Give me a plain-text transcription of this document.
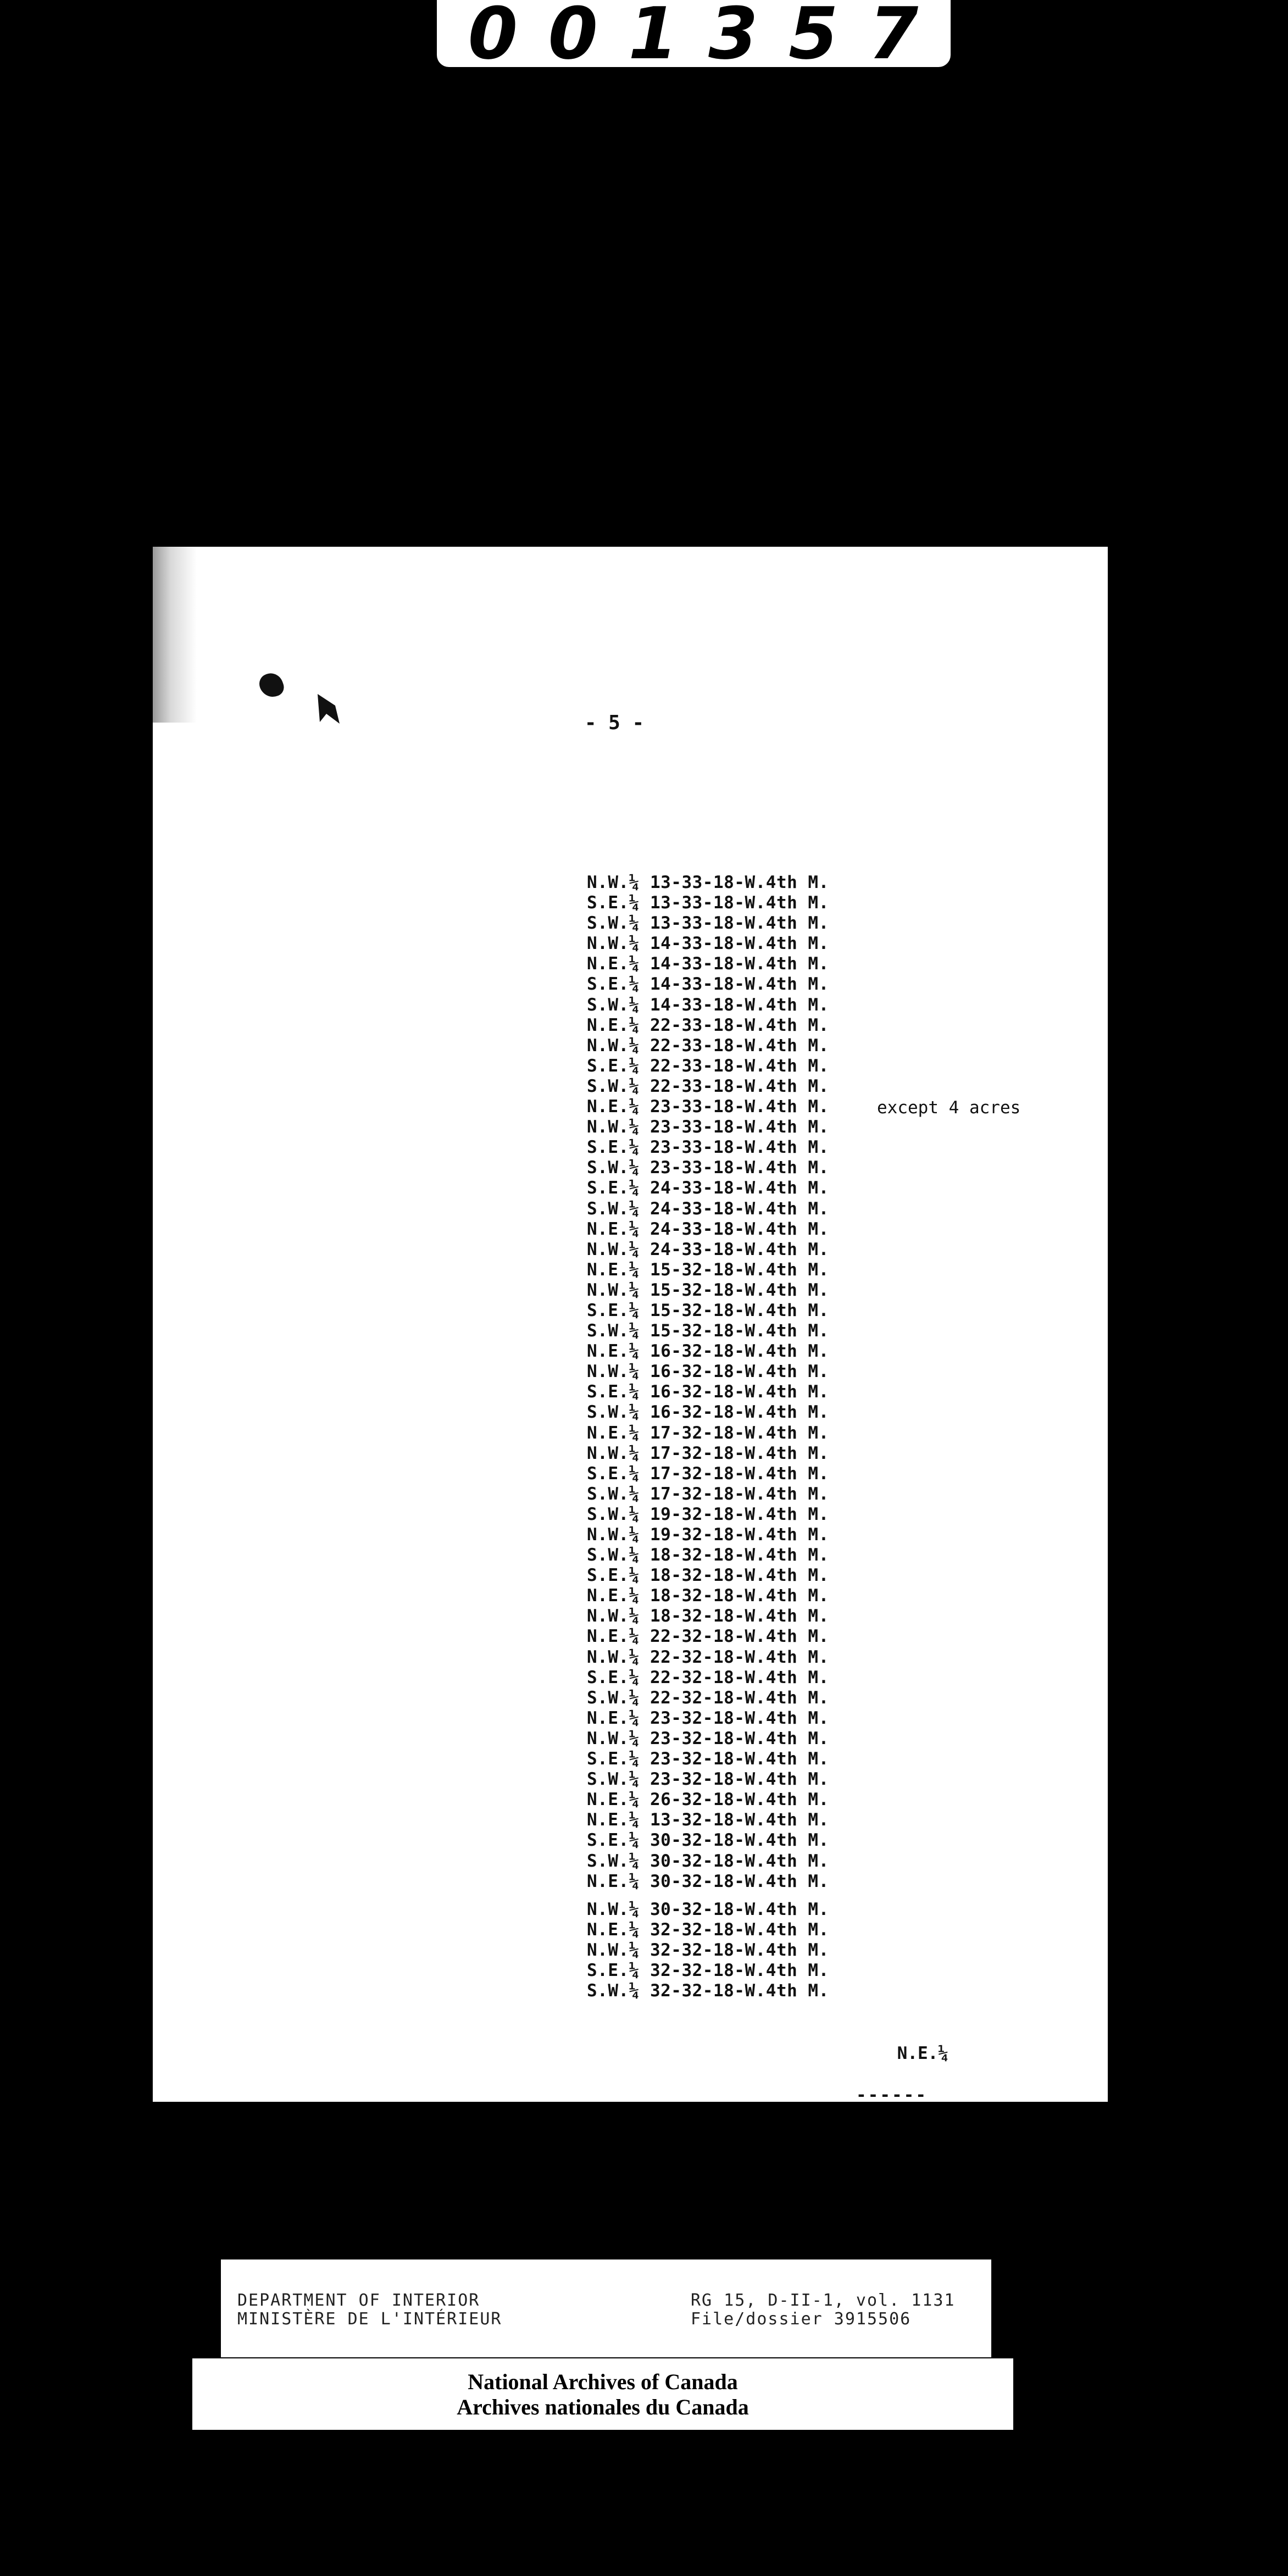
0 0 1 3 5 7
- 5 -
N.W.¼ 13-33-18-W.4th M.
S.E.¼ 13-33-18-W.4th M.
S.W.¼ 13-33-18-W.4th M.
N.W.¼ 14-33-18-W.4th M.
N.E.¼ 14-33-18-W.4th M.
S.E.¼ 14-33-18-W.4th M.
S.W.¼ 14-33-18-W.4th M.
N.E.¼ 22-33-18-W.4th M.
N.W.¼ 22-33-18-W.4th M.
S.E.¼ 22-33-18-W.4th M.
S.W.¼ 22-33-18-W.4th M.
N.E.¼ 23-33-18-W.4th M.
N.W.¼ 23-33-18-W.4th M.
S.E.¼ 23-33-18-W.4th M.
S.W.¼ 23-33-18-W.4th M.
S.E.¼ 24-33-18-W.4th M.
S.W.¼ 24-33-18-W.4th M.
N.E.¼ 24-33-18-W.4th M.
N.W.¼ 24-33-18-W.4th M.
N.E.¼ 15-32-18-W.4th M.
N.W.¼ 15-32-18-W.4th M.
S.E.¼ 15-32-18-W.4th M.
S.W.¼ 15-32-18-W.4th M.
N.E.¼ 16-32-18-W.4th M.
N.W.¼ 16-32-18-W.4th M.
S.E.¼ 16-32-18-W.4th M.
S.W.¼ 16-32-18-W.4th M.
N.E.¼ 17-32-18-W.4th M.
N.W.¼ 17-32-18-W.4th M.
S.E.¼ 17-32-18-W.4th M.
S.W.¼ 17-32-18-W.4th M.
S.W.¼ 19-32-18-W.4th M.
N.W.¼ 19-32-18-W.4th M.
S.W.¼ 18-32-18-W.4th M.
S.E.¼ 18-32-18-W.4th M.
N.E.¼ 18-32-18-W.4th M.
N.W.¼ 18-32-18-W.4th M.
N.E.¼ 22-32-18-W.4th M.
N.W.¼ 22-32-18-W.4th M.
S.E.¼ 22-32-18-W.4th M.
S.W.¼ 22-32-18-W.4th M.
N.E.¼ 23-32-18-W.4th M.
N.W.¼ 23-32-18-W.4th M.
S.E.¼ 23-32-18-W.4th M.
S.W.¼ 23-32-18-W.4th M.
N.E.¼ 26-32-18-W.4th M.
N.E.¼ 13-32-18-W.4th M.
S.E.¼ 30-32-18-W.4th M.
S.W.¼ 30-32-18-W.4th M.
N.E.¼ 30-32-18-W.4th M.
N.W.¼ 30-32-18-W.4th M.
N.E.¼ 32-32-18-W.4th M.
N.W.¼ 32-32-18-W.4th M.
S.E.¼ 32-32-18-W.4th M.
S.W.¼ 32-32-18-W.4th M.
except 4 acres

N.E.¼

------

DEPARTMENT OF INTERIOR
MINISTÈRE DE L'INTÉRIEUR
RG 15, D-II-1, vol. 1131
File/dossier 3915506
National Archives of Canada
Archives nationales du Canada
